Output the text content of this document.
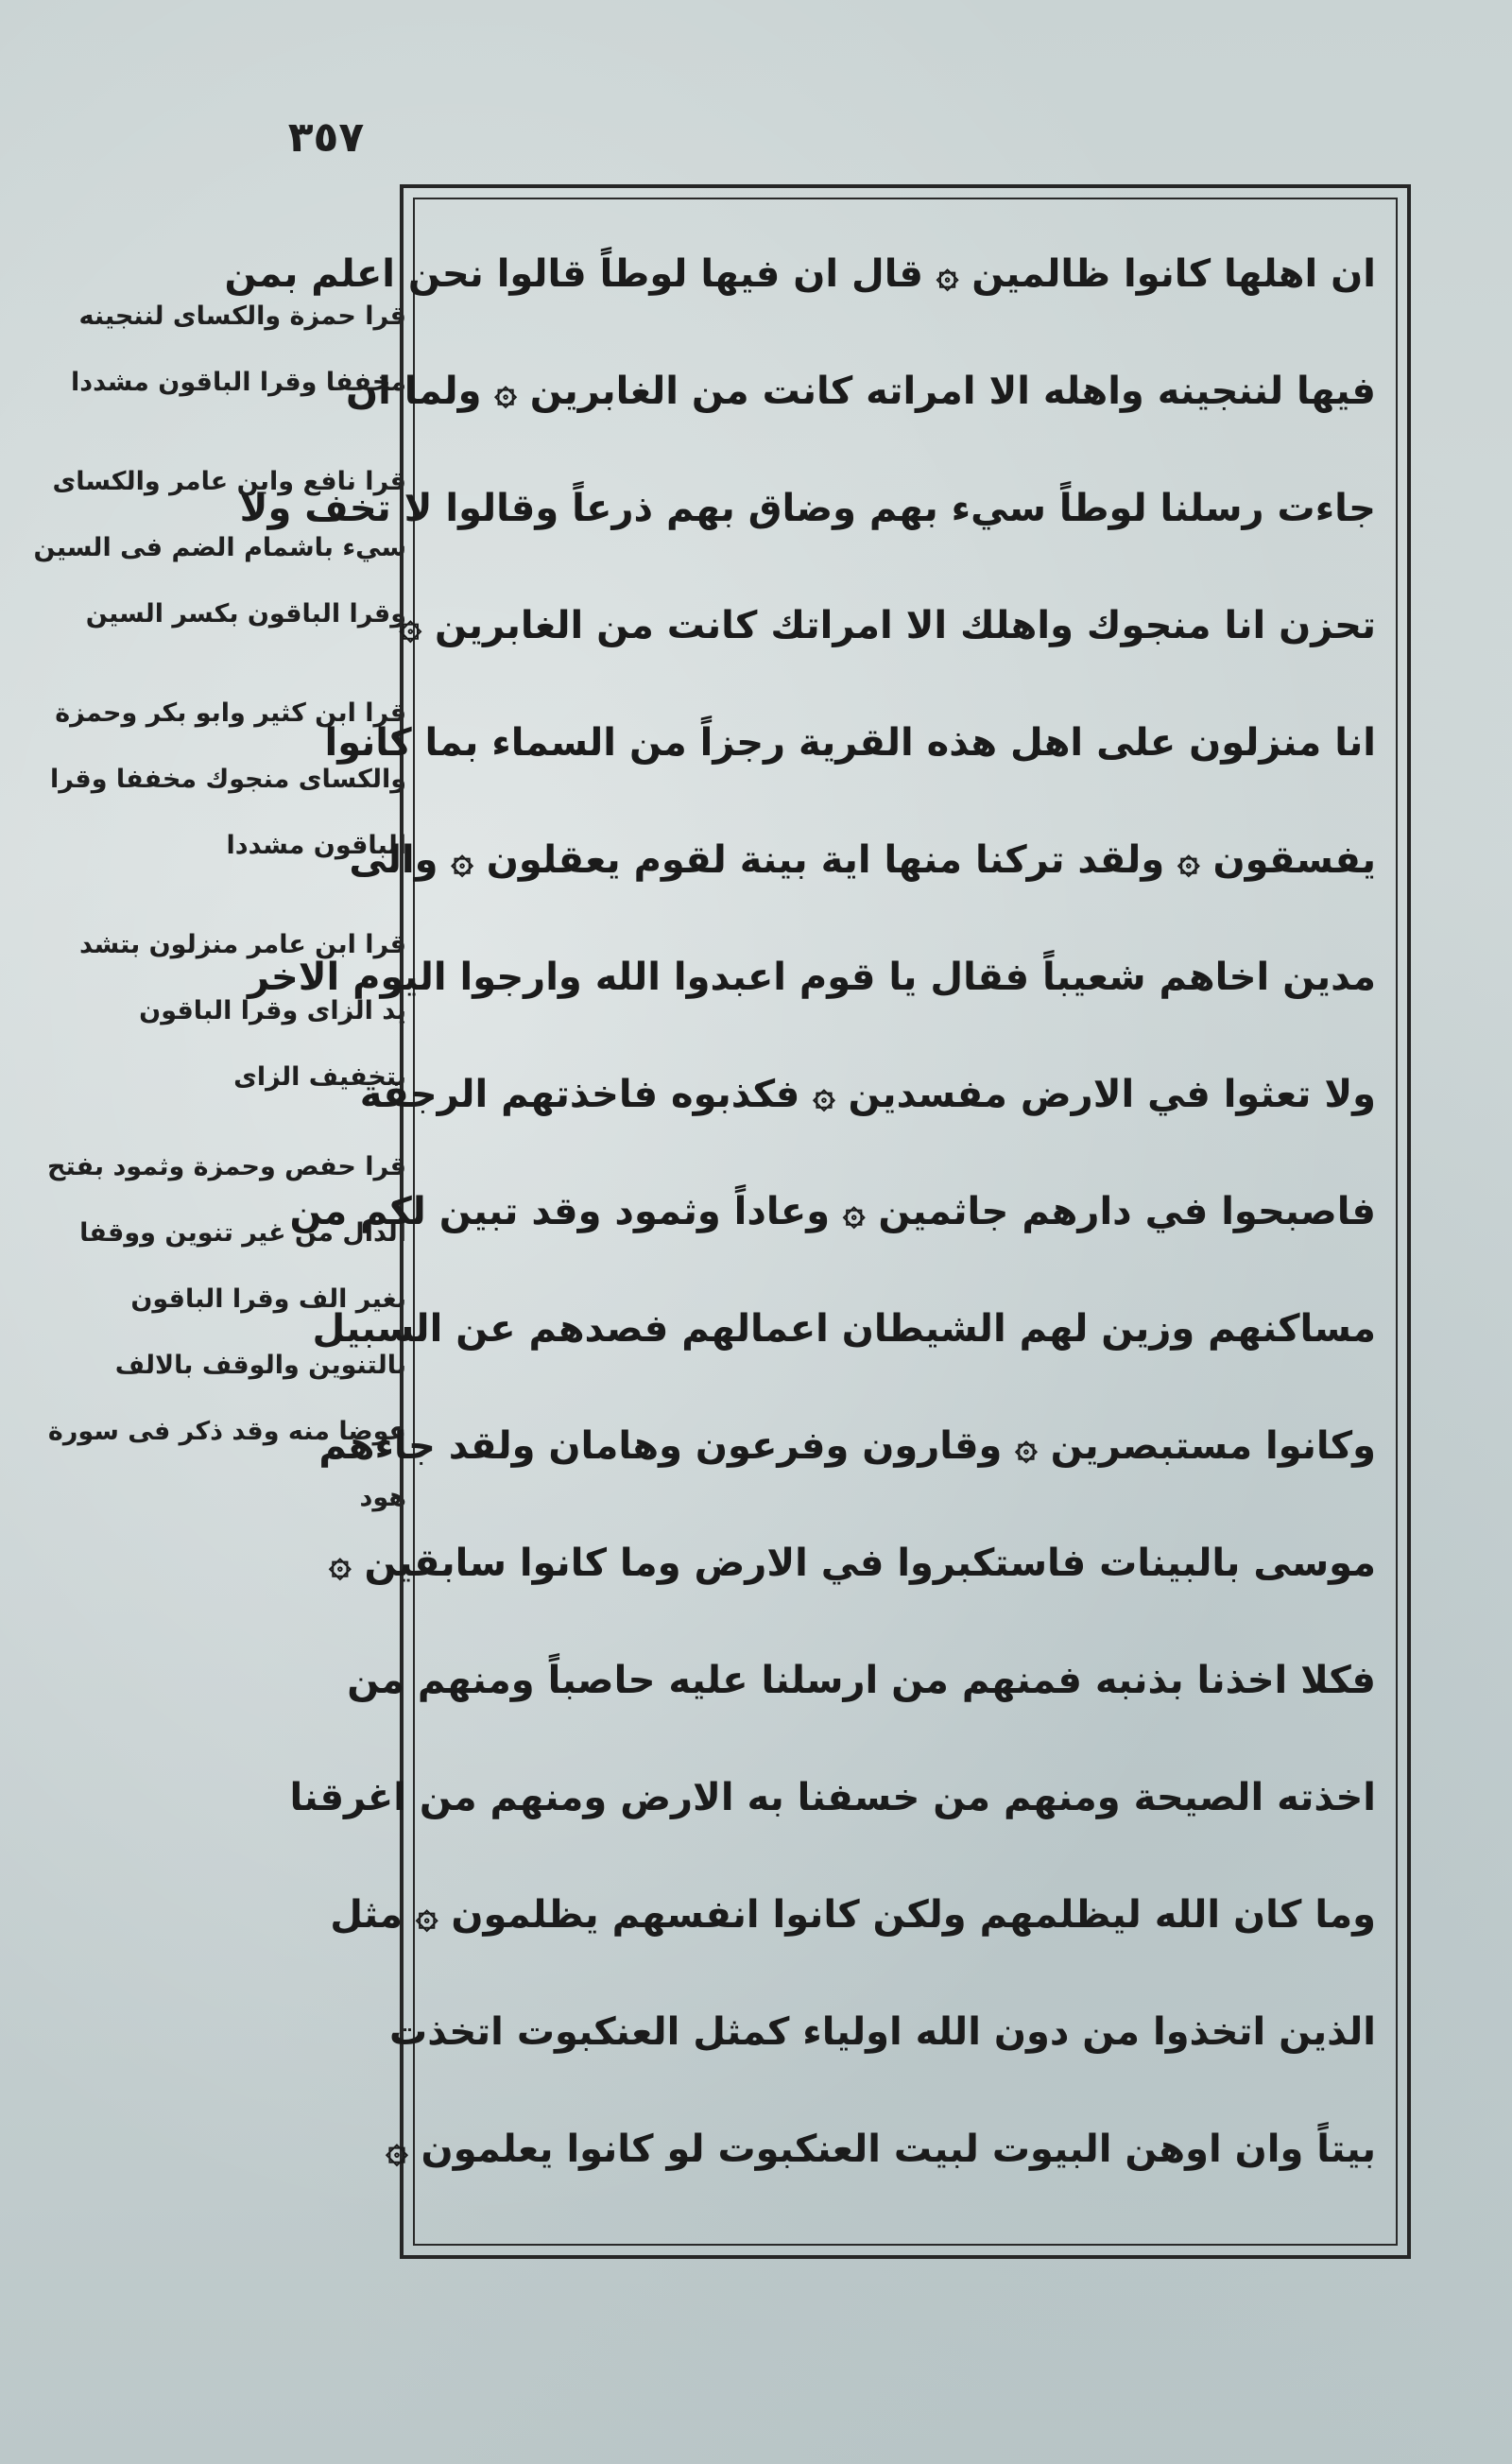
٣٥٧
قرا حمزة والكسای لننجينه
مخففا وقرا الباقون مشددا
قرا نافع وابن عامر والكسای
سيء باشمام الضم فی السين
وقرا الباقون بكسر السين
قرا ابن كثير وابو بكر وحمزة
والكسای منجوك مخففا وقرا
الباقون مشددا
قرا ابن عامر منزلون بتشد
يد الزای وقرا الباقون
بتخفيف الزای
قرا حفص وحمزة وثمود بفتح
الدال من غير تنوين ووقفا
بغير الف وقرا الباقون
بالتنوين والوقف بالالف
عوضا منه وقد ذكر فی سورة
هود
ان اهلها كانوا ظالمين ۞ قال ان فيها لوطاً قالوا نحن اعلم بمن
فيها لننجينه واهله الا امراته كانت من الغابرين ۞ ولما ان
جاءت رسلنا لوطاً سيء بهم وضاق بهم ذرعاً وقالوا لا تخف ولا
تحزن انا منجوك واهلك الا امراتك كانت من الغابرين ۞
انا منزلون على اهل هذه القرية رجزاً من السماء بما كانوا
يفسقون ۞ ولقد تركنا منها اية بينة لقوم يعقلون ۞ والى
مدين اخاهم شعيباً فقال يا قوم اعبدوا الله وارجوا اليوم الاخر
ولا تعثوا في الارض مفسدين ۞ فكذبوه فاخذتهم الرجفة
فاصبحوا في دارهم جاثمين ۞ وعاداً وثمود وقد تبين لكم من
مساكنهم وزين لهم الشيطان اعمالهم فصدهم عن السبيل
وكانوا مستبصرين ۞ وقارون وفرعون وهامان ولقد جاءهم
موسى بالبينات فاستكبروا في الارض وما كانوا سابقين ۞
فكلا اخذنا بذنبه فمنهم من ارسلنا عليه حاصباً ومنهم من
اخذته الصيحة ومنهم من خسفنا به الارض ومنهم من اغرقنا
وما كان الله ليظلمهم ولكن كانوا انفسهم يظلمون ۞ مثل
الذين اتخذوا من دون الله اولياء كمثل العنكبوت اتخذت
بيتاً وان اوهن البيوت لبيت العنكبوت لو كانوا يعلمون ۞
